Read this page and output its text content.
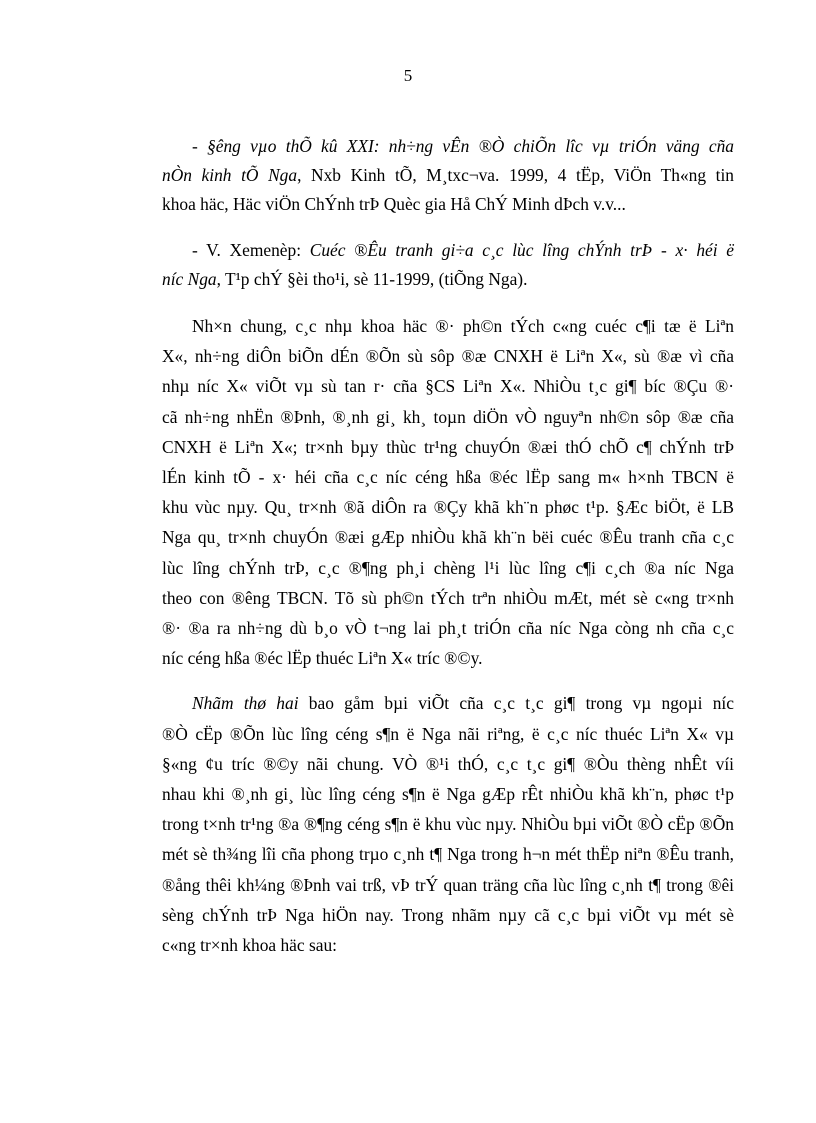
5
- §êng vµo thÕ kû XXI: nh÷ng vÊn ®Ò chiÕn lîc vµ triÓn väng cña
nÒn kinh tÕ Nga, Nxb Kinh tÕ, M¸txc¬va. 1999, 4 tËp, ViÖn Th«ng tin
khoa häc, Häc viÖn ChÝnh trÞ Quèc gia Hå ChÝ Minh dÞch v.v...
- V. Xemenèp: Cuéc ®Êu tranh gi÷a c¸c lùc lîng chÝnh trÞ - x· héi ë
níc Nga, T¹p chÝ §èi tho¹i, sè 11-1999, (tiÕng Nga).
Nh×n chung, c¸c nhµ khoa häc ®· ph©n tÝch c«ng cuéc c¶i tæ ë Liªn
X«, nh÷ng diÔn biÕn dÉn ®Õn sù sôp ®æ CNXH ë Liªn X«, sù ®æ vì cña
nhµ níc X« viÕt vµ sù tan r· cña §CS Liªn X«. NhiÒu t¸c gi¶ bíc ®Çu ®·
cã nh÷ng nhËn ®Þnh, ®¸nh gi¸ kh¸ toµn diÖn vÒ nguyªn nh©n sôp ®æ cña
CNXH ë Liªn X«; tr×nh bµy thùc tr¹ng chuyÓn ®æi thÓ chÕ c¶ chÝnh trÞ
lÉn kinh tÕ - x· héi cña c¸c níc céng hßa ®éc lËp sang m« h×nh TBCN ë
khu vùc nµy. Qu¸ tr×nh ®ã diÔn ra ®Çy khã kh¨n phøc t¹p. §Æc biÖt, ë LB
Nga qu¸ tr×nh chuyÓn ®æi gÆp nhiÒu khã kh¨n bëi cuéc ®Êu tranh cña c¸c
lùc lîng chÝnh trÞ, c¸c ®¶ng ph¸i chèng l¹i lùc lîng c¶i c¸ch ®a níc Nga
theo con ®êng TBCN. Tõ sù ph©n tÝch trªn nhiÒu mÆt, mét sè c«ng tr×nh
®· ®a ra nh÷ng dù b¸o vÒ t¬ng lai ph¸t triÓn cña níc Nga còng nh cña c¸c
níc céng hßa ®éc lËp thuéc Liªn X« tríc ®©y.
Nhãm thø hai bao gåm bµi viÕt cña c¸c t¸c gi¶ trong vµ ngoµi níc
®Ò cËp ®Õn lùc lîng céng s¶n ë Nga nãi riªng, ë c¸c níc thuéc Liªn X« vµ
§«ng ¢u tríc ®©y nãi chung. VÒ ®¹i thÓ, c¸c t¸c gi¶ ®Òu thèng nhÊt víi
nhau khi ®¸nh gi¸ lùc lîng céng s¶n ë Nga gÆp rÊt nhiÒu khã kh¨n, phøc t¹p
trong t×nh tr¹ng ®a ®¶ng céng s¶n ë khu vùc nµy. NhiÒu bµi viÕt ®Ò cËp ®Õn
mét sè th¾ng lîi cña phong trµo c¸nh t¶ Nga trong h¬n mét thËp niªn ®Êu tranh,
®ång thêi kh¼ng ®Þnh vai trß, vÞ trÝ quan träng cña lùc lîng c¸nh t¶ trong ®êi
sèng chÝnh trÞ Nga hiÖn nay. Trong nhãm nµy cã c¸c bµi viÕt vµ mét sè
c«ng tr×nh khoa häc sau:
